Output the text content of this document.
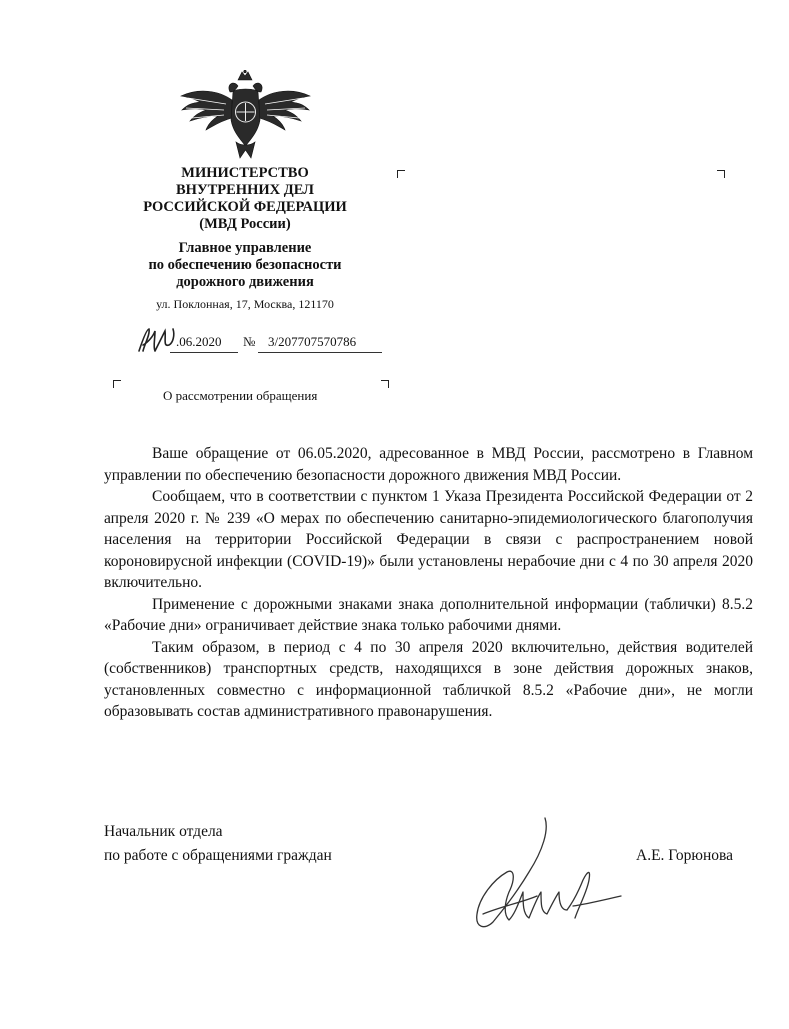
МИНИСТЕРСТВО
ВНУТРЕННИХ ДЕЛ
РОССИЙСКОЙ ФЕДЕРАЦИИ
(МВД России)
Главное управление
по обеспечению безопасности
дорожного движения
ул. Поклонная, 17, Москва, 121170
.06.2020 № 3/207707570786
О рассмотрении обращения

Ваше обращение от 06.05.2020, адресованное в МВД России, рассмотрено в Главном управлении по обеспечению безопасности дорожного движения МВД России.

Сообщаем, что в соответствии с пунктом 1 Указа Президента Российской Федерации от 2 апреля 2020 г. № 239 «О мерах по обеспечению санитарно-эпидемиологического благополучия населения на территории Российской Федерации в связи с распространением новой короновирусной инфекции (COVID-19)» были установлены нерабочие дни с 4 по 30 апреля 2020 включительно.

Применение с дорожными знаками знака дополнительной информации (таблички) 8.5.2 «Рабочие дни» ограничивает действие знака только рабочими днями.

Таким образом, в период с 4 по 30 апреля 2020 включительно, действия водителей (собственников) транспортных средств, находящихся в зоне действия дорожных знаков, установленных совместно с информационной табличкой 8.5.2 «Рабочие дни», не могли образовывать состав административного правонарушения.

Начальник отдела
по работе с обращениями граждан	А.Е. Горюнова
